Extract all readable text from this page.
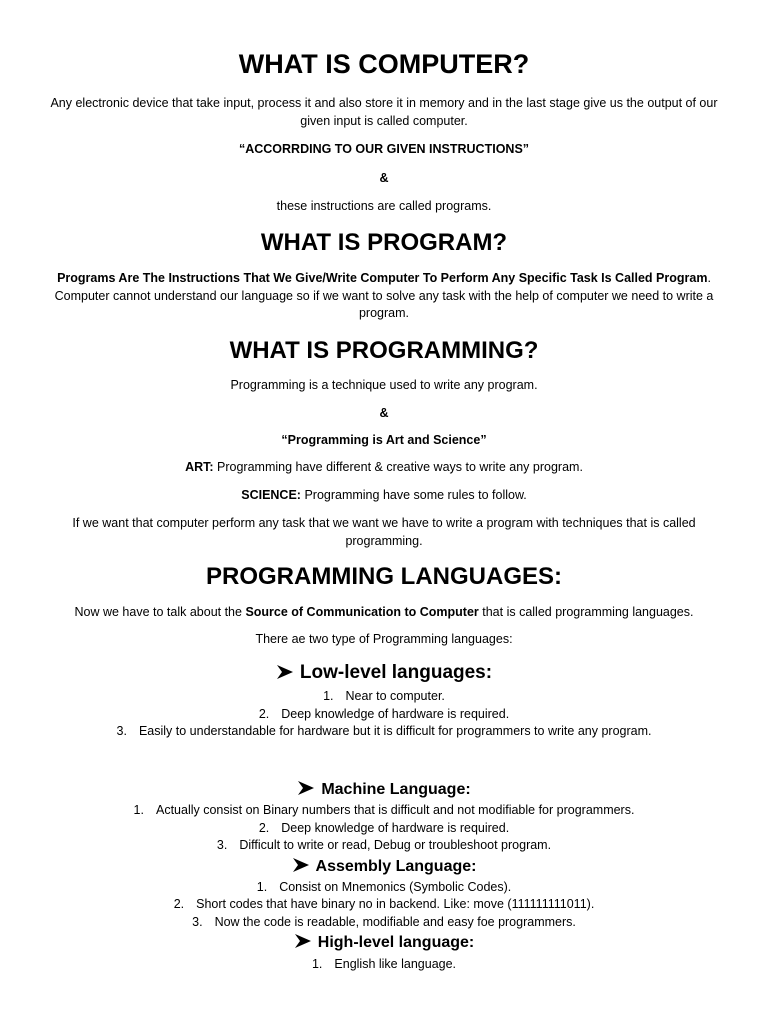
WHAT IS COMPUTER?
Any electronic device that take input, process it and also store it in memory and in the last stage give us the output of our given input is called computer.
“ACCORRDING TO OUR GIVEN INSTRUCTIONS”
&
these instructions are called programs.
WHAT IS PROGRAM?
Programs Are The Instructions That We Give/Write Computer To Perform Any Specific Task Is Called Program. Computer cannot understand our language so if we want to solve any task with the help of computer we need to write a program.
WHAT IS PROGRAMMING?
Programming is a technique used to write any program.
&
“Programming is Art and Science”
ART: Programming have different & creative ways to write any program.
SCIENCE: Programming have some rules to follow.
If we want that computer perform any task that we want we have to write a program with techniques that is called programming.
PROGRAMMING LANGUAGES:
Now we have to talk about the Source of Communication to Computer that is called programming languages.
There ae two type of Programming languages:
Low-level languages:
1. Near to computer.
2. Deep knowledge of hardware is required.
3. Easily to understandable for hardware but it is difficult for programmers to write any program.
Machine Language:
1. Actually consist on Binary numbers that is difficult and not modifiable for programmers.
2. Deep knowledge of hardware is required.
3. Difficult to write or read, Debug or troubleshoot program.
Assembly Language:
1. Consist on Mnemonics (Symbolic Codes).
2. Short codes that have binary no in backend. Like: move (111111111011).
3. Now the code is readable, modifiable and easy foe programmers.
High-level language:
1. English like language.
